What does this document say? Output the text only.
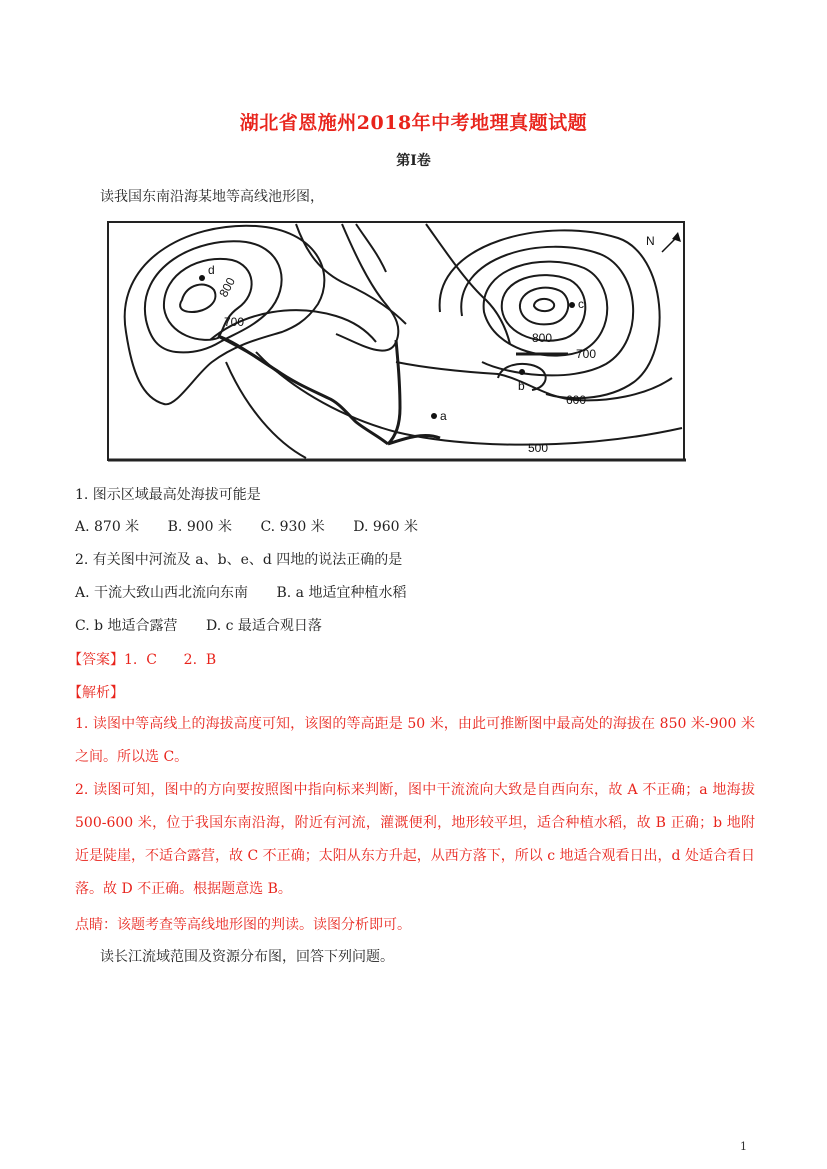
湖北省恩施州2018年中考地理真题试题
第Ⅰ卷
读我国东南沿海某地等高线池形图，
N
d
c
b
a
800
700
800
700
600
500
1. 图示区域最高处海拔可能是
A. 870 米 B. 900 米 C. 930 米 D. 960 米
2. 有关图中河流及 a、b、e、d 四地的说法正确的是
A. 干流大致山西北流向东南 B. a 地适宜种植水稻
C. b 地适合露营 D. c 最适合观日落
【答案】1.  C      2.  B
【解析】
1. 读图中等高线上的海拔高度可知，该图的等高距是 50 米，由此可推断图中最高处的海拔在 850 米-900 米之间。所以选 C。
2. 读图可知，图中的方向要按照图中指向标来判断，图中干流流向大致是自西向东，故 A 不正确；a 地海拔 500-600 米，位于我国东南沿海，附近有河流，灌溉便利，地形较平坦，适合种植水稻，故 B 正确；b 地附近是陡崖，不适合露营，故 C 不正确；太阳从东方升起，从西方落下，所以 c 地适合观看日出，d 处适合看日落。故 D 不正确。根据题意选 B。
点睛：该题考查等高线地形图的判读。读图分析即可。
读长江流域范围及资源分布图，回答下列问题。
1
